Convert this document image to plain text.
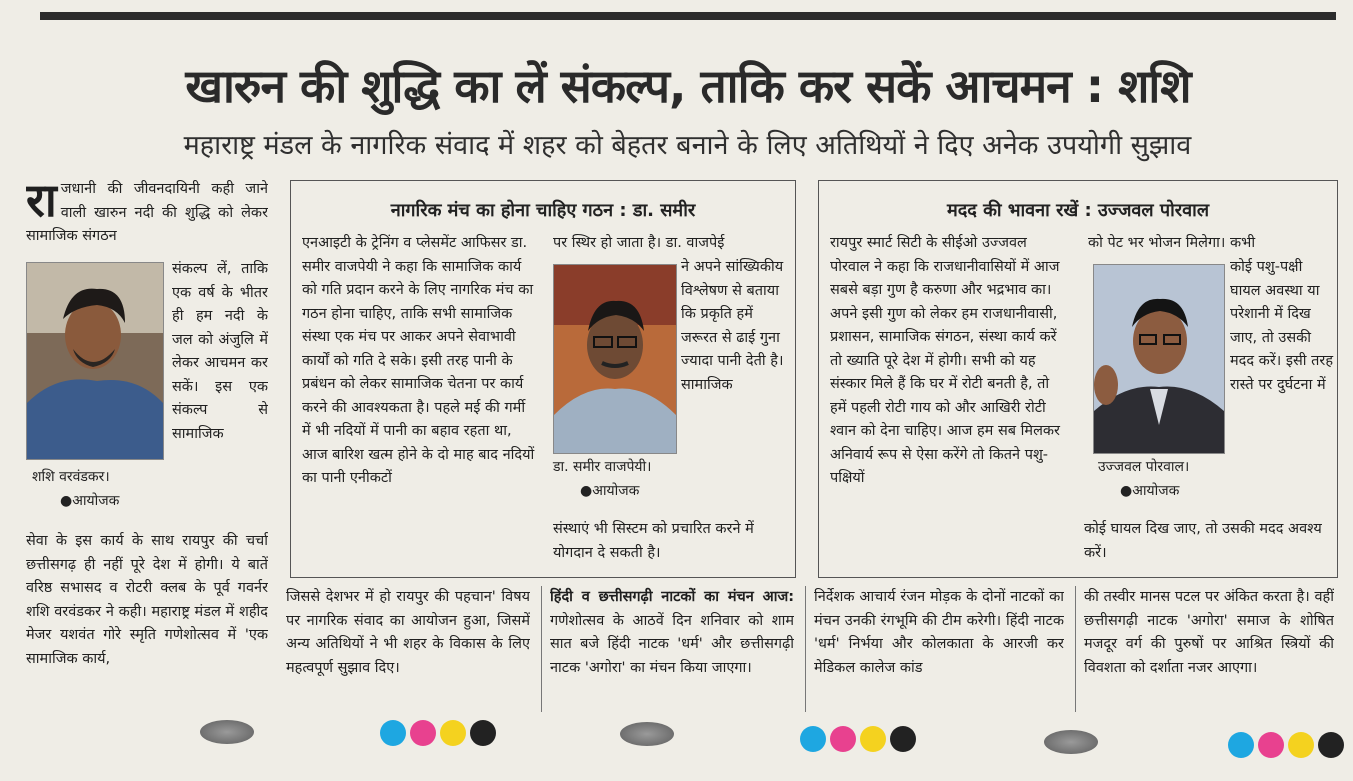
खारुन की शुद्धि का लें संकल्प, ताकि कर सकें आचमन : शशि
महाराष्ट्र मंडल के नागरिक संवाद में शहर को बेहतर बनाने के लिए अतिथियों ने दिए अनेक उपयोगी सुझाव
राजधानी की जीवनदायिनी कही जाने वाली खारुन नदी की शुद्धि को लेकर सामाजिक संगठन
संकल्प लें, ताकि एक वर्ष के भीतर ही हम नदी के जल को अंजुलि में लेकर आचमन कर सकें। इस एक संकल्प से सामाजिक
शशि वरवंडकर।
●आयोजक
सेवा के इस कार्य के साथ रायपुर की चर्चा छत्तीसगढ़ ही नहीं पूरे देश में होगी। ये बातें वरिष्ठ सभासद व रोटरी क्लब के पूर्व गवर्नर शशि वरवंडकर ने कही। महाराष्ट्र मंडल में शहीद मेजर यशवंत गोरे स्मृति गणेशोत्सव में 'एक सामाजिक कार्य,
नागरिक मंच का होना चाहिए गठन : डा. समीर
एनआइटी के ट्रेनिंग व प्लेसमेंट आफिसर डा. समीर वाजपेयी ने कहा कि सामाजिक कार्य को गति प्रदान करने के लिए नागरिक मंच का गठन होना चाहिए, ताकि सभी सामाजिक संस्था एक मंच पर आकर अपने सेवाभावी कार्यों को गति दे सके। इसी तरह पानी के प्रबंधन को लेकर सामाजिक चेतना पर कार्य करने की आवश्यकता है। पहले मई की गर्मी में भी नदियों में पानी का बहाव रहता था, आज बारिश खत्म होने के दो माह बाद नदियों का पानी एनीकटों
पर स्थिर हो जाता है। डा. वाजपेई
ने अपने सांख्यिकीय विश्लेषण से बताया कि प्रकृति हमें जरूरत से ढाई गुना ज्यादा पानी देती है। सामाजिक
डा. समीर वाजपेयी।
●आयोजक
संस्थाएं भी सिस्टम को प्रचारित करने में योगदान दे सकती है।
मदद की भावना रखें : उज्जवल पोरवाल
रायपुर स्मार्ट सिटी के सीईओ उज्जवल पोरवाल ने कहा कि राजधानीवासियों में आज सबसे बड़ा गुण है करुणा और भद्रभाव का। अपने इसी गुण को लेकर हम राजधानीवासी, प्रशासन, सामाजिक संगठन, संस्था कार्य करें तो ख्याति पूरे देश में होगी। सभी को यह संस्कार मिले हैं कि घर में रोटी बनती है, तो हमें पहली रोटी गाय को और आखिरी रोटी श्वान को देना चाहिए। आज हम सब मिलकर अनिवार्य रूप से ऐसा करेंगे तो कितने पशु-पक्षियों
को पेट भर भोजन मिलेगा। कभी
कोई पशु-पक्षी घायल अवस्था या परेशानी में दिख जाए, तो उसकी मदद करें। इसी तरह रास्ते पर दुर्घटना में
उज्जवल पोरवाल।
●आयोजक
कोई घायल दिख जाए, तो उसकी मदद अवश्य करें।
जिससे देशभर में हो रायपुर की पहचान' विषय पर नागरिक संवाद का आयोजन हुआ, जिसमें अन्य अतिथियों ने भी शहर के विकास के लिए महत्वपूर्ण सुझाव दिए।
हिंदी व छत्तीसगढ़ी नाटकों का मंचन आज: गणेशोत्सव के आठवें दिन शनिवार को शाम सात बजे हिंदी नाटक 'धर्म' और छत्तीसगढ़ी नाटक 'अगोरा' का मंचन किया जाएगा।
निर्देशक आचार्य रंजन मोड़क के दोनों नाटकों का मंचन उनकी रंगभूमि की टीम करेगी। हिंदी नाटक 'धर्म' निर्भया और कोलकाता के आरजी कर मेडिकल कालेज कांड
की तस्वीर मानस पटल पर अंकित करता है। वहीं छत्तीसगढ़ी नाटक 'अगोरा' समाज के शोषित मजदूर वर्ग की पुरुषों पर आश्रित स्त्रियों की विवशता को दर्शाता नजर आएगा।
